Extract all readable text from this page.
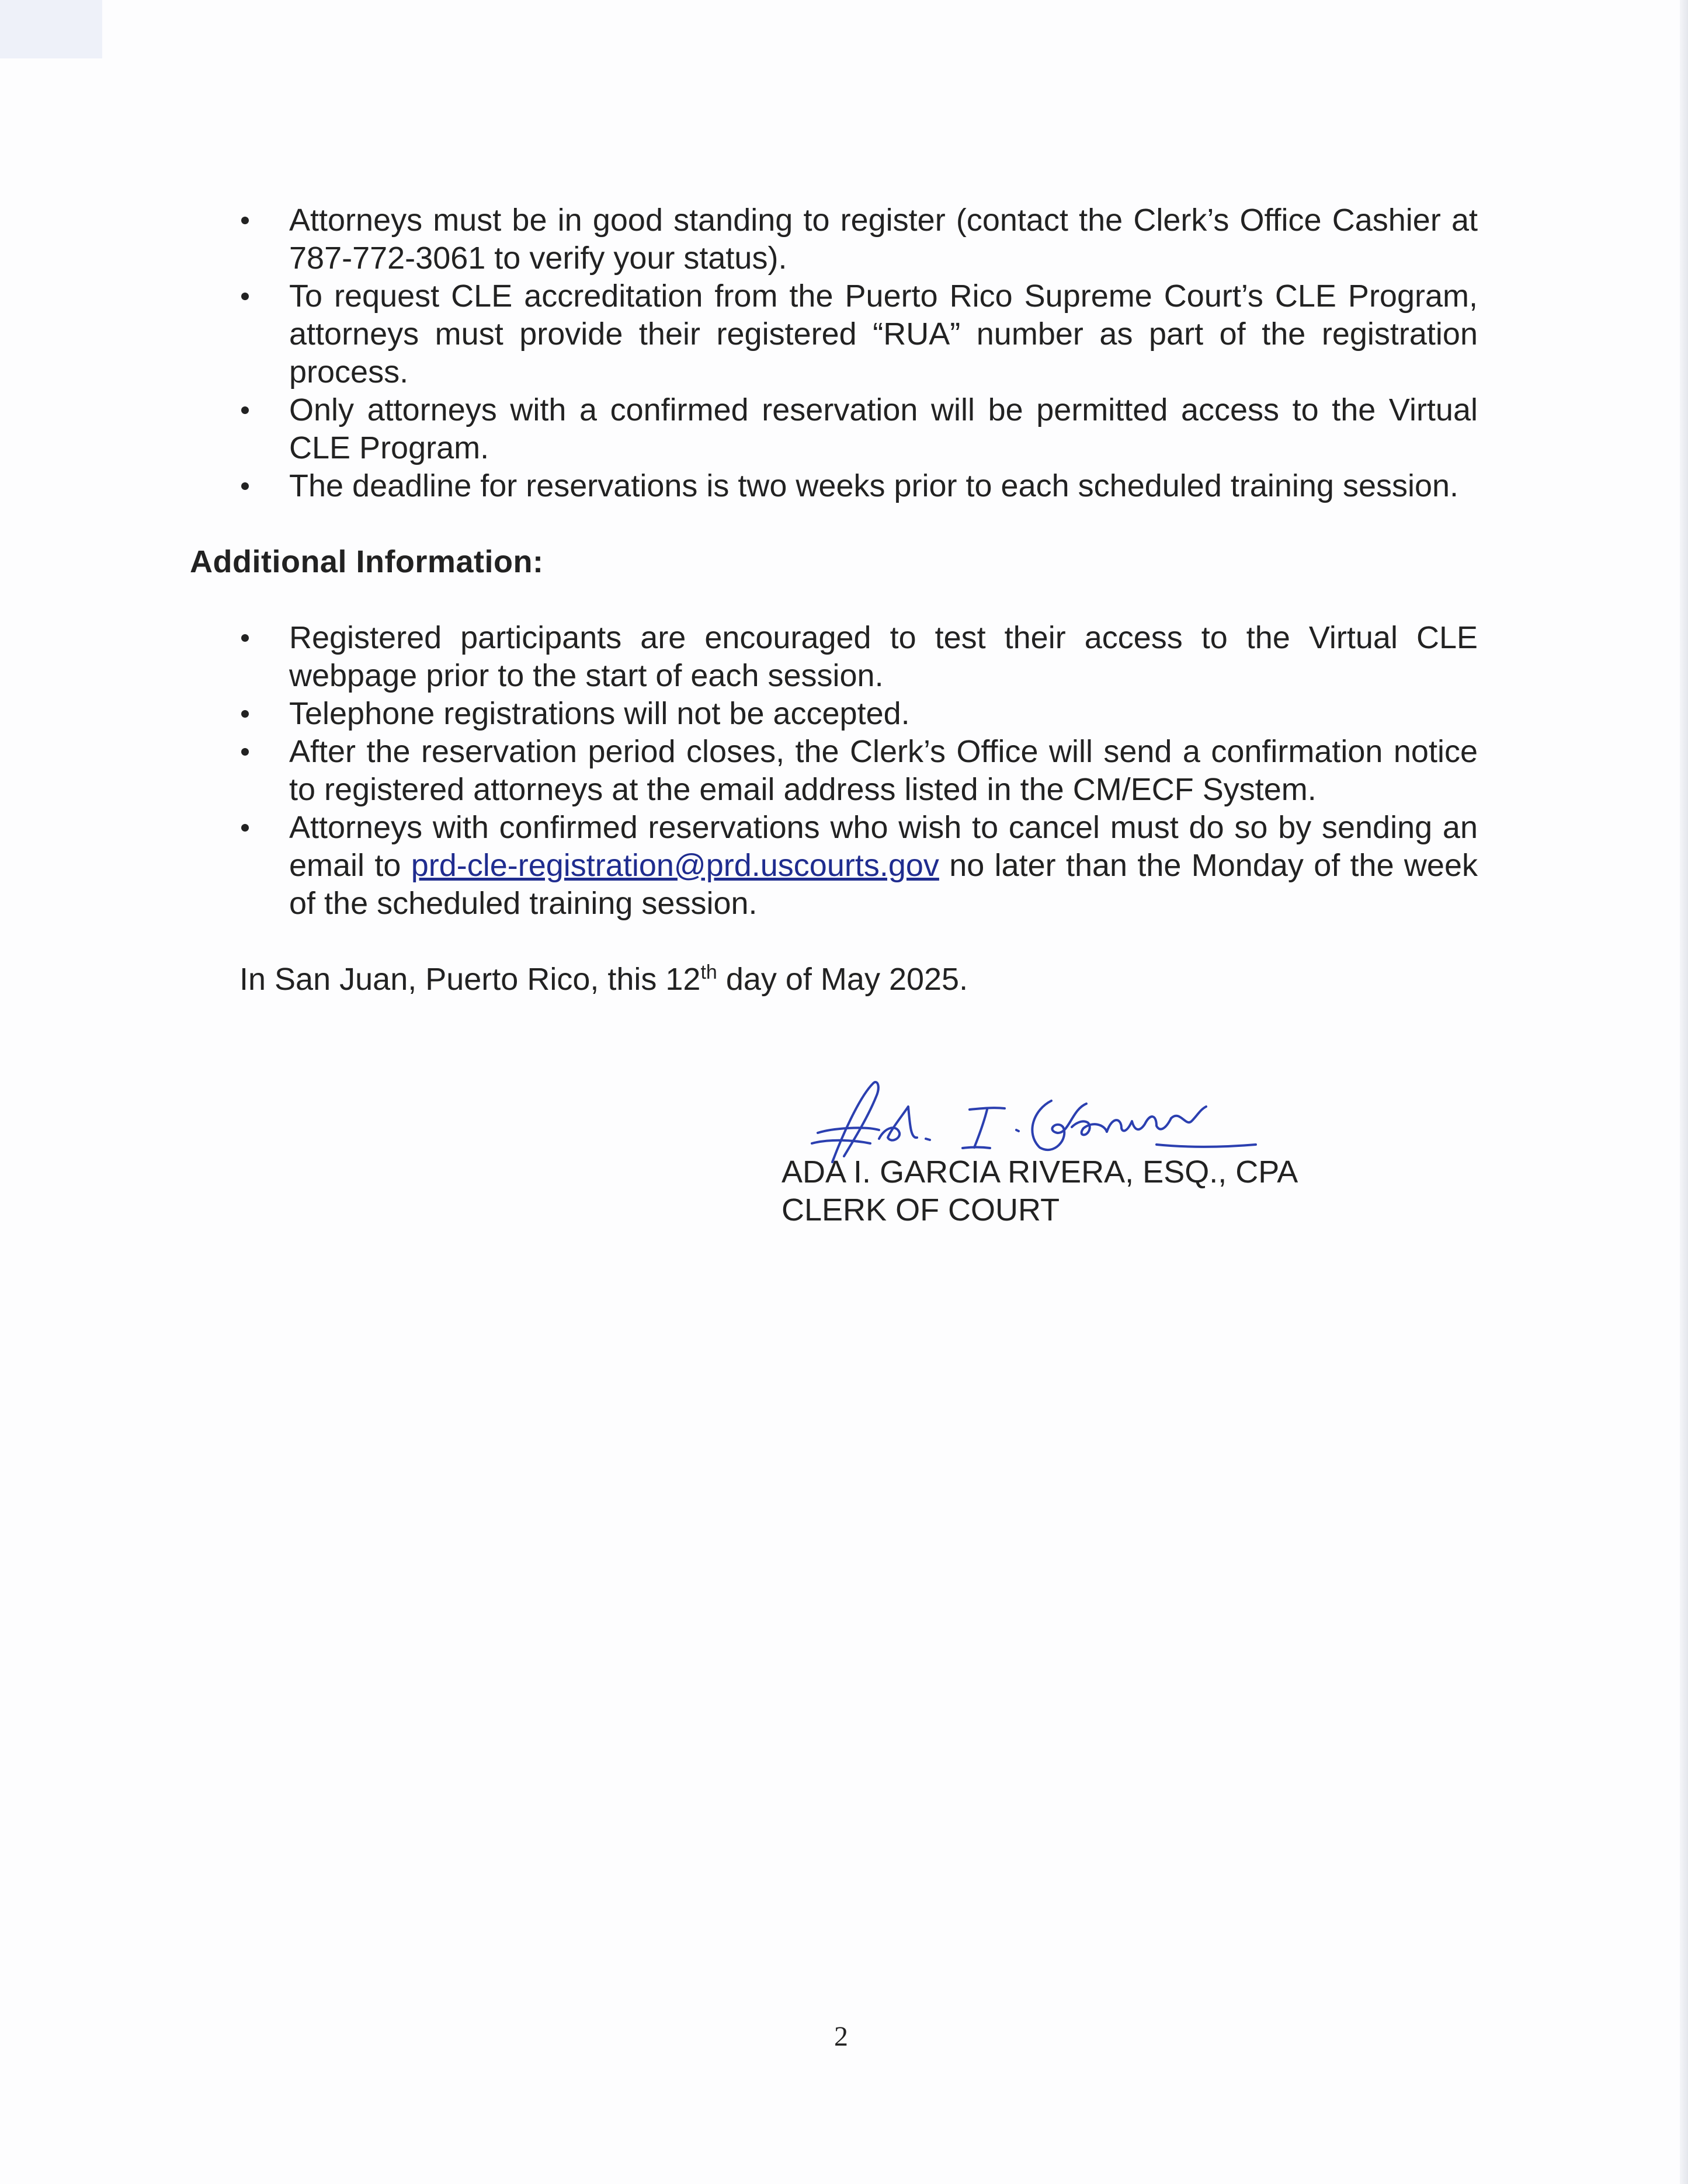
Attorneys must be in good standing to register (contact the Clerk’s Office Cashier at 787-772-3061 to verify your status).
To request CLE accreditation from the Puerto Rico Supreme Court’s CLE Program, attorneys must provide their registered “RUA” number as part of the registration process.
Only attorneys with a confirmed reservation will be permitted access to the Virtual CLE Program.
The deadline for reservations is two weeks prior to each scheduled training session.
Additional Information:
Registered participants are encouraged to test their access to the Virtual CLE webpage prior to the start of each session.
Telephone registrations will not be accepted.
After the reservation period closes, the Clerk’s Office will send a confirmation notice to registered attorneys at the email address listed in the CM/ECF System.
Attorneys with confirmed reservations who wish to cancel must do so by sending an email to prd-cle-registration@prd.uscourts.gov no later than the Monday of the week of the scheduled training session.
In San Juan, Puerto Rico, this 12th day of May 2025.
ADA I. GARCIA RIVERA, ESQ., CPA
CLERK OF COURT
2
